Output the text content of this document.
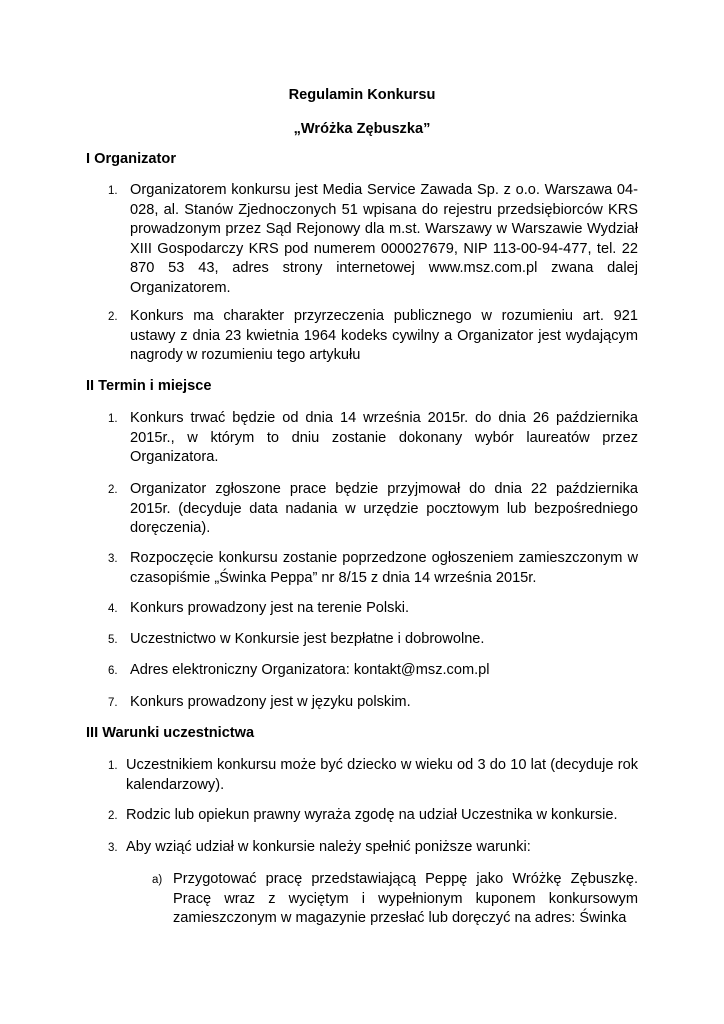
Regulamin Konkursu
„Wróżka Zębuszka”
I Organizator
1. Organizatorem konkursu jest Media Service Zawada Sp. z o.o. Warszawa 04-028, al. Stanów Zjednoczonych 51 wpisana do rejestru przedsiębiorców KRS prowadzonym przez Sąd Rejonowy dla m.st. Warszawy w Warszawie Wydział XIII Gospodarczy KRS pod numerem 000027679, NIP 113-00-94-477, tel. 22 870 53 43, adres strony internetowej www.msz.com.pl zwana dalej Organizatorem.
2. Konkurs ma charakter przyrzeczenia publicznego w rozumieniu art. 921 ustawy z dnia 23 kwietnia 1964 kodeks cywilny a Organizator jest wydającym nagrody w rozumieniu tego artykułu
II Termin i miejsce
1. Konkurs trwać będzie od dnia 14 września 2015r. do dnia 26 października 2015r., w którym to dniu zostanie dokonany wybór laureatów przez Organizatora.
2. Organizator zgłoszone prace będzie przyjmował do dnia 22 października 2015r. (decyduje data nadania w urzędzie pocztowym lub bezpośredniego doręczenia).
3. Rozpoczęcie konkursu zostanie poprzedzone ogłoszeniem zamieszczonym w czasopiśmie „Świnka Peppa” nr 8/15 z dnia 14 września 2015r.
4. Konkurs prowadzony jest na terenie Polski.
5. Uczestnictwo w Konkursie jest bezpłatne i dobrowolne.
6. Adres elektroniczny Organizatora: kontakt@msz.com.pl
7. Konkurs prowadzony jest w języku polskim.
III Warunki uczestnictwa
1. Uczestnikiem konkursu może być dziecko w wieku od 3 do 10 lat (decyduje rok kalendarzowy).
2. Rodzic lub opiekun prawny wyraża zgodę na udział Uczestnika w konkursie.
3. Aby wziąć udział w konkursie należy spełnić poniższe warunki:
a) Przygotować pracę przedstawiającą Peppę jako Wróżkę Zębuszkę. Pracę wraz z wyciętym i wypełnionym kuponem konkursowym zamieszczonym w magazynie przesłać lub doręczyć na adres: Świnka
